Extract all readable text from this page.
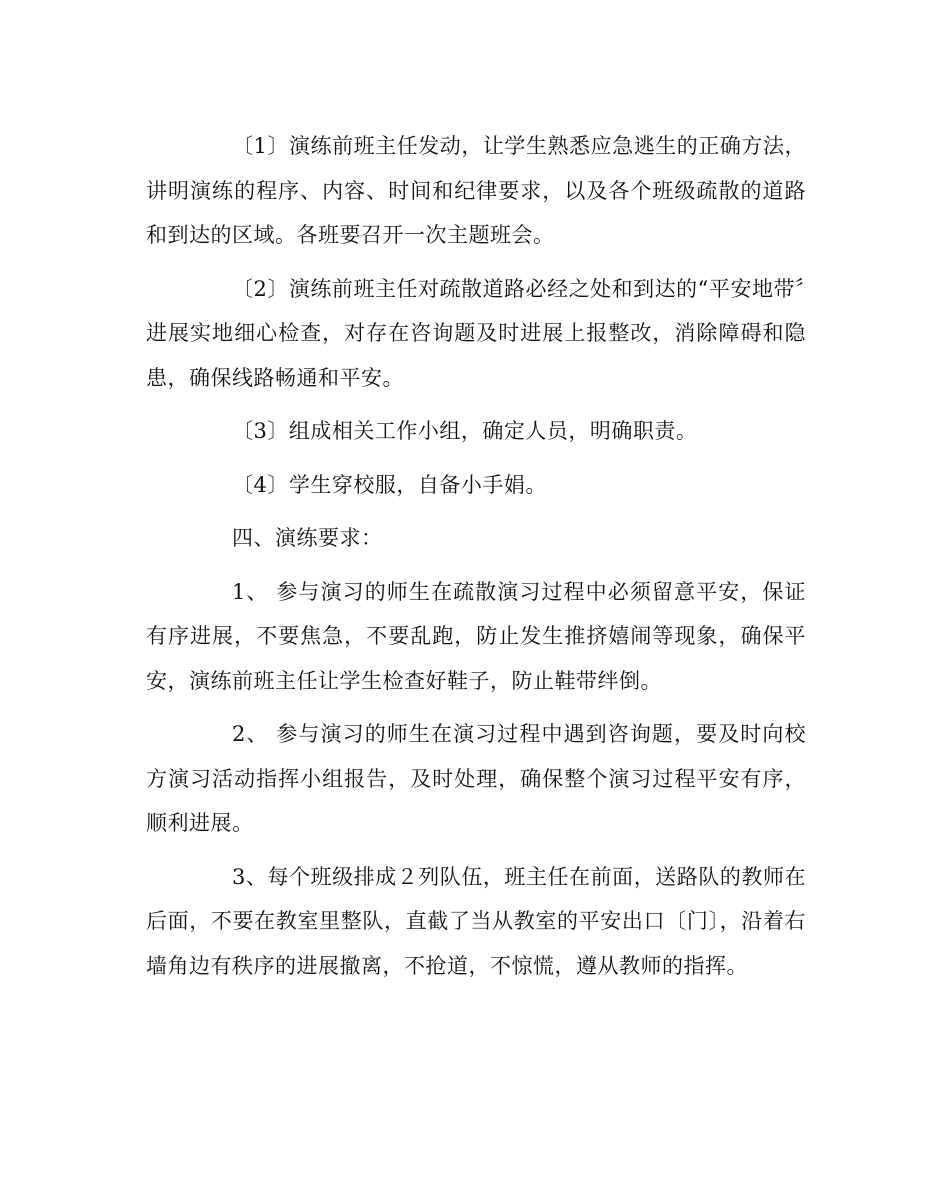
〔1〕演练前班主任发动，让学生熟悉应急逃生的正确方法，讲明演练的程序、内容、时间和纪律要求，以及各个班级疏散的道路和到达的区域。各班要召开一次主题班会。

〔2〕演练前班主任对疏散道路必经之处和到达的“平安地带〞进展实地细心检查，对存在咨询题及时进展上报整改，消除障碍和隐患，确保线路畅通和平安。

〔3〕组成相关工作小组，确定人员，明确职责。

〔4〕学生穿校服，自备小手娟。

四、演练要求：

1、 参与演习的师生在疏散演习过程中必须留意平安，保证有序进展，不要焦急，不要乱跑，防止发生推挤嬉闹等现象，确保平安，演练前班主任让学生检查好鞋子，防止鞋带绊倒。

2、 参与演习的师生在演习过程中遇到咨询题，要及时向校方演习活动指挥小组报告，及时处理，确保整个演习过程平安有序，顺利进展。

3、每个班级排成２列队伍，班主任在前面，送路队的教师在后面，不要在教室里整队，直截了当从教室的平安出口〔门〕，沿着右墙角边有秩序的进展撤离，不抢道，不惊慌，遵从教师的指挥。
